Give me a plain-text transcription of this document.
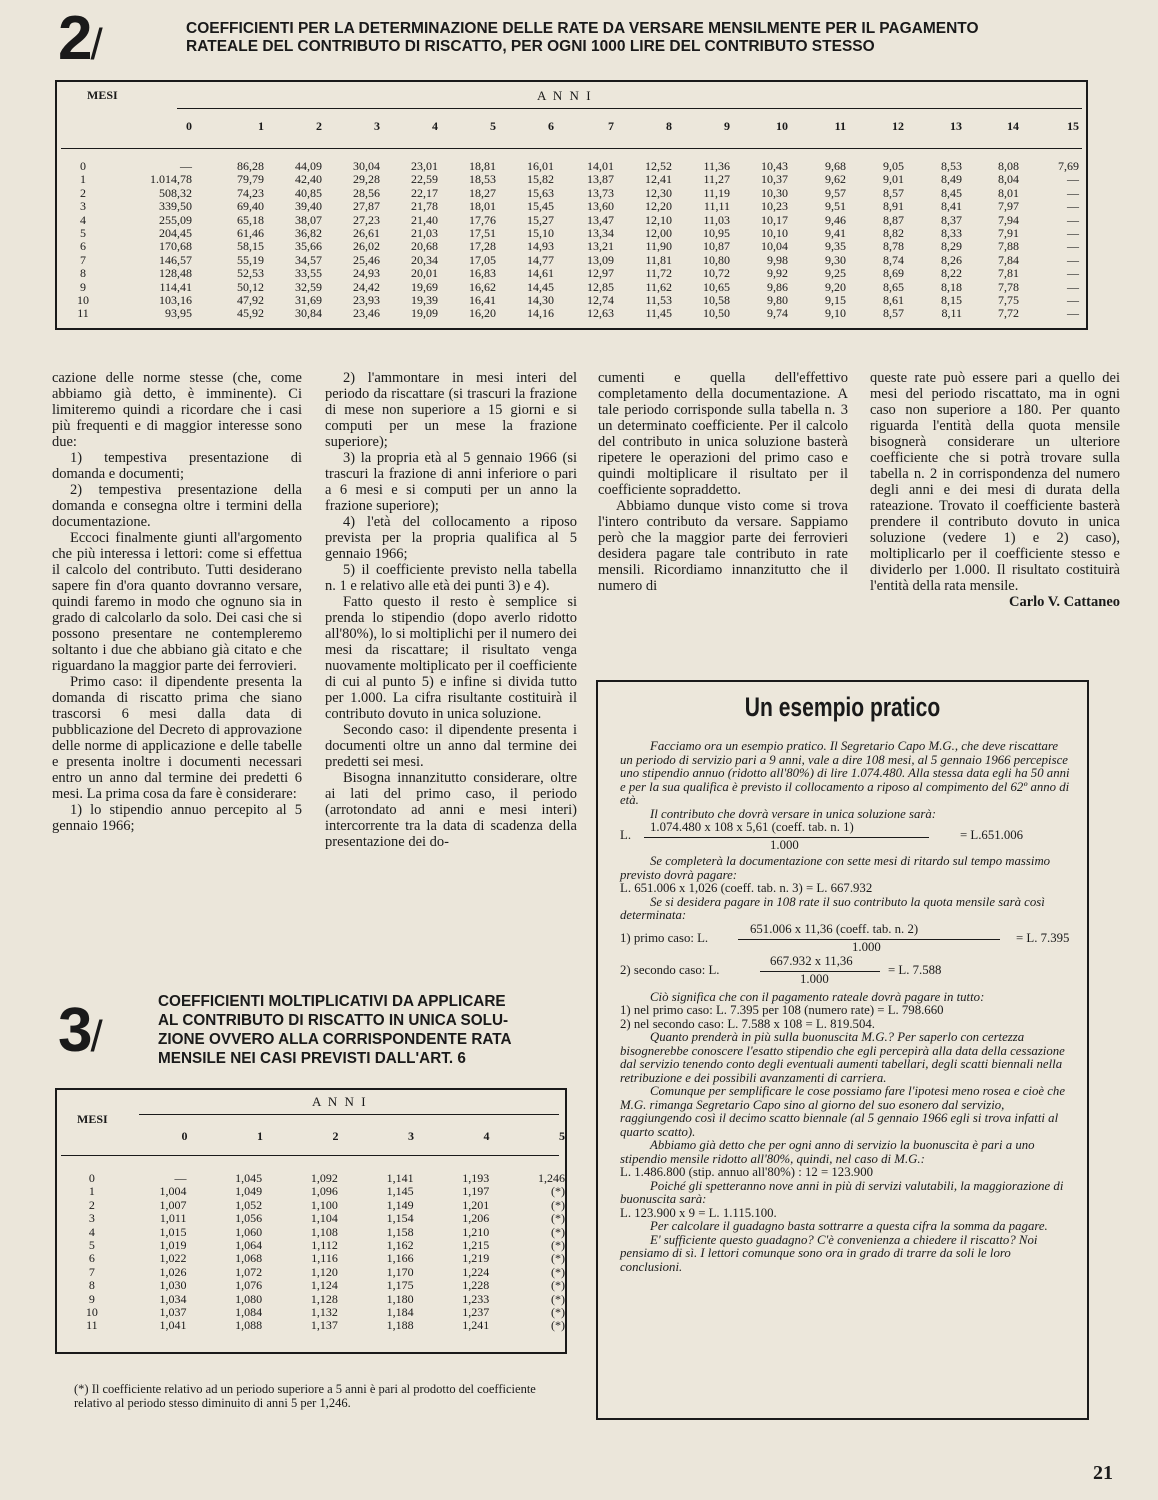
2/	COEFFICIENTI PER LA DETERMINAZIONE DELLE RATE DA VERSARE MENSILMENTE PER IL PAGAMENTO
RATEALE DEL CONTRIBUTO DI RISCATTO, PER OGNI 1000 LIRE DEL CONTRIBUTO STESSO
MESI	A N N I
	0	1	2	3	4	5	6	7	8	9	10	11	12	13	14	15
0	—	86,28	44,09	30,04	23,01	18,81	16,01	14,01	12,52	11,36	10,43	9,68	9,05	8,53	8,08	7,69
1	1.014,78	79,79	42,40	29,28	22,59	18,53	15,82	13,87	12,41	11,27	10,37	9,62	9,01	8,49	8,04	—
2	508,32	74,23	40,85	28,56	22,17	18,27	15,63	13,73	12,30	11,19	10,30	9,57	8,57	8,45	8,01	—
3	339,50	69,40	39,40	27,87	21,78	18,01	15,45	13,60	12,20	11,11	10,23	9,51	8,91	8,41	7,97	—
4	255,09	65,18	38,07	27,23	21,40	17,76	15,27	13,47	12,10	11,03	10,17	9,46	8,87	8,37	7,94	—
5	204,45	61,46	36,82	26,61	21,03	17,51	15,10	13,34	12,00	10,95	10,10	9,41	8,82	8,33	7,91	—
6	170,68	58,15	35,66	26,02	20,68	17,28	14,93	13,21	11,90	10,87	10,04	9,35	8,78	8,29	7,88	—
7	146,57	55,19	34,57	25,46	20,34	17,05	14,77	13,09	11,81	10,80	9,98	9,30	8,74	8,26	7,84	—
8	128,48	52,53	33,55	24,93	20,01	16,83	14,61	12,97	11,72	10,72	9,92	9,25	8,69	8,22	7,81	—
9	114,41	50,12	32,59	24,42	19,69	16,62	14,45	12,85	11,62	10,65	9,86	9,20	8,65	8,18	7,78	—
10	103,16	47,92	31,69	23,93	19,39	16,41	14,30	12,74	11,53	10,58	9,80	9,15	8,61	8,15	7,75	—
11	93,95	45,92	30,84	23,46	19,09	16,20	14,16	12,63	11,45	10,50	9,74	9,10	8,57	8,11	7,72	—

cazione delle norme stesse (che, come abbiamo già detto, è imminente). Ci limiteremo quindi a ricordare che i casi più frequenti e di maggior interesse sono due:

1) tempestiva presentazione di domanda e documenti;

2) tempestiva presentazione della domanda e consegna oltre i termini della documentazione.

Eccoci finalmente giunti all'argomento che più interessa i lettori: come si effettua il calcolo del contributo. Tutti desiderano sapere fin d'ora quanto dovranno versare, quindi faremo in modo che ognuno sia in grado di calcolarlo da solo. Dei casi che si possono presentare ne contempleremo soltanto i due che abbiano già citato e che riguardano la maggior parte dei ferrovieri.

Primo caso: il dipendente presenta la domanda di riscatto prima che siano trascorsi 6 mesi dalla data di pubblicazione del Decreto di approvazione delle norme di applicazione e delle tabelle e presenta inoltre i documenti necessari entro un anno dal termine dei predetti 6 mesi. La prima cosa da fare è considerare:

1) lo stipendio annuo percepito al 5 gennaio 1966;

2) l'ammontare in mesi interi del periodo da riscattare (si trascuri la frazione di mese non superiore a 15 giorni e si computi per un mese la frazione superiore);

3) la propria età al 5 gennaio 1966 (si trascuri la frazione di anni inferiore o pari a 6 mesi e si computi per un anno la frazione superiore);

4) l'età del collocamento a riposo prevista per la propria qualifica al 5 gennaio 1966;

5) il coefficiente previsto nella tabella n. 1 e relativo alle età dei punti 3) e 4).

Fatto questo il resto è semplice si prenda lo stipendio (dopo averlo ridotto all'80%), lo si moltiplichi per il numero dei mesi da riscattare; il risultato venga nuovamente moltiplicato per il coefficiente di cui al punto 5) e infine si divida tutto per 1.000. La cifra risultante costituirà il contributo dovuto in unica soluzione.

Secondo caso: il dipendente presenta i documenti oltre un anno dal termine dei predetti sei mesi.

Bisogna innanzitutto considerare, oltre ai lati del primo caso, il periodo (arrotondato ad anni e mesi interi) intercorrente tra la data di scadenza della presentazione dei do-

cumenti e quella dell'effettivo completamento della documentazione. A tale periodo corrisponde sulla tabella n. 3 un determinato coefficiente. Per il calcolo del contributo in unica soluzione basterà ripetere le operazioni del primo caso e quindi moltiplicare il risultato per il coefficiente sopraddetto.

Abbiamo dunque visto come si trova l'intero contributo da versare. Sappiamo però che la maggior parte dei ferrovieri desidera pagare tale contributo in rate mensili. Ricordiamo innanzitutto che il numero di

queste rate può essere pari a quello dei mesi del periodo riscattato, ma in ogni caso non superiore a 180. Per quanto riguarda l'entità della quota mensile bisognerà considerare un ulteriore coefficiente che si potrà trovare sulla tabella n. 2 in corrispondenza del numero degli anni e dei mesi di durata della rateazione. Trovato il coefficiente basterà prendere il contributo dovuto in unica soluzione (vedere 1) e 2) caso), moltiplicarlo per il coefficiente stesso e dividerlo per 1.000. Il risultato costituirà l'entità della rata mensile.

Carlo V. Cattaneo

3/
COEFFICIENTI MOLTIPLICATIVI DA APPLICARE
AL CONTRIBUTO DI RISCATTO IN UNICA SOLU-
ZIONE OVVERO ALLA CORRISPONDENTE RATA
MENSILE NEI CASI PREVISTI DALL'ART. 6
MESI
A N N I
	0	1	2	3	4	5
0	—	1,045	1,092	1,141	1,193	1,246
1	1,004	1,049	1,096	1,145	1,197	(*)
2	1,007	1,052	1,100	1,149	1,201	(*)
3	1,011	1,056	1,104	1,154	1,206	(*)
4	1,015	1,060	1,108	1,158	1,210	(*)
5	1,019	1,064	1,112	1,162	1,215	(*)
6	1,022	1,068	1,116	1,166	1,219	(*)
7	1,026	1,072	1,120	1,170	1,224	(*)
8	1,030	1,076	1,124	1,175	1,228	(*)
9	1,034	1,080	1,128	1,180	1,233	(*)
10	1,037	1,084	1,132	1,184	1,237	(*)
11	1,041	1,088	1,137	1,188	1,241	(*)
(*) Il coefficiente relativo ad un periodo superiore a 5 anni è pari al prodotto del coefficiente relativo al periodo stesso diminuito di anni 5 per 1,246.
Un esempio pratico

Facciamo ora un esempio pratico. Il Segretario Capo M.G., che deve riscattare un periodo di servizio pari a 9 anni, vale a dire 108 mesi, al 5 gennaio 1966 percepisce uno stipendio annuo (ridotto all'80%) di lire 1.074.480. Alla stessa data egli ha 50 anni e per la sua qualifica è previsto il collocamento a riposo al compimento del 62º anno di età.

Il contributo che dovrà versare in unica soluzione sarà:

1.074.480 x 108 x 5,61 (coeff. tab. n. 1)
L.
1.000
= L.651.006

Se completerà la documentazione con sette mesi di ritardo sul tempo massimo previsto dovrà pagare:

L. 651.006 x 1,026 (coeff. tab. n. 3) = L. 667.932

Se si desidera pagare in 108 rate il suo contributo la quota mensile sarà così determinata:

651.006 x 11,36 (coeff. tab. n. 2)
1) primo caso: L.
1.000
= L. 7.395
667.932 x 11,36
2) secondo caso: L.
1.000
= L. 7.588

Ciò significa che con il pagamento rateale dovrà pagare in tutto:

1) nel primo caso: L. 7.395 per 108 (numero rate) = L. 798.660

2) nel secondo caso: L. 7.588 x 108 = L. 819.504.

Quanto prenderà in più sulla buonuscita M.G.? Per saperlo con certezza bisognerebbe conoscere l'esatto stipendio che egli percepirà alla data della cessazione dal servizio tenendo conto degli eventuali aumenti tabellari, degli scatti biennali nella retribuzione e dei possibili avanzamenti di carriera.

Comunque per semplificare le cose possiamo fare l'ipotesi meno rosea e cioè che M.G. rimanga Segretario Capo sino al giorno del suo esonero dal servizio, raggiungendo così il decimo scatto biennale (al 5 gennaio 1966 egli si trova infatti al quarto scatto).

Abbiamo già detto che per ogni anno di servizio la buonuscita è pari a uno stipendio mensile ridotto all'80%, quindi, nel caso di M.G.:

L. 1.486.800 (stip. annuo all'80%) : 12 = 123.900

Poiché gli spetteranno nove anni in più di servizi valutabili, la maggiorazione di buonuscita sarà:

L. 123.900 x 9 = L. 1.115.100.

Per calcolare il guadagno basta sottrarre a questa cifra la somma da pagare.

E' sufficiente questo guadagno? C'è convenienza a chiedere il riscatto? Noi pensiamo di sì. I lettori comunque sono ora in grado di trarre da soli le loro conclusioni.

21
